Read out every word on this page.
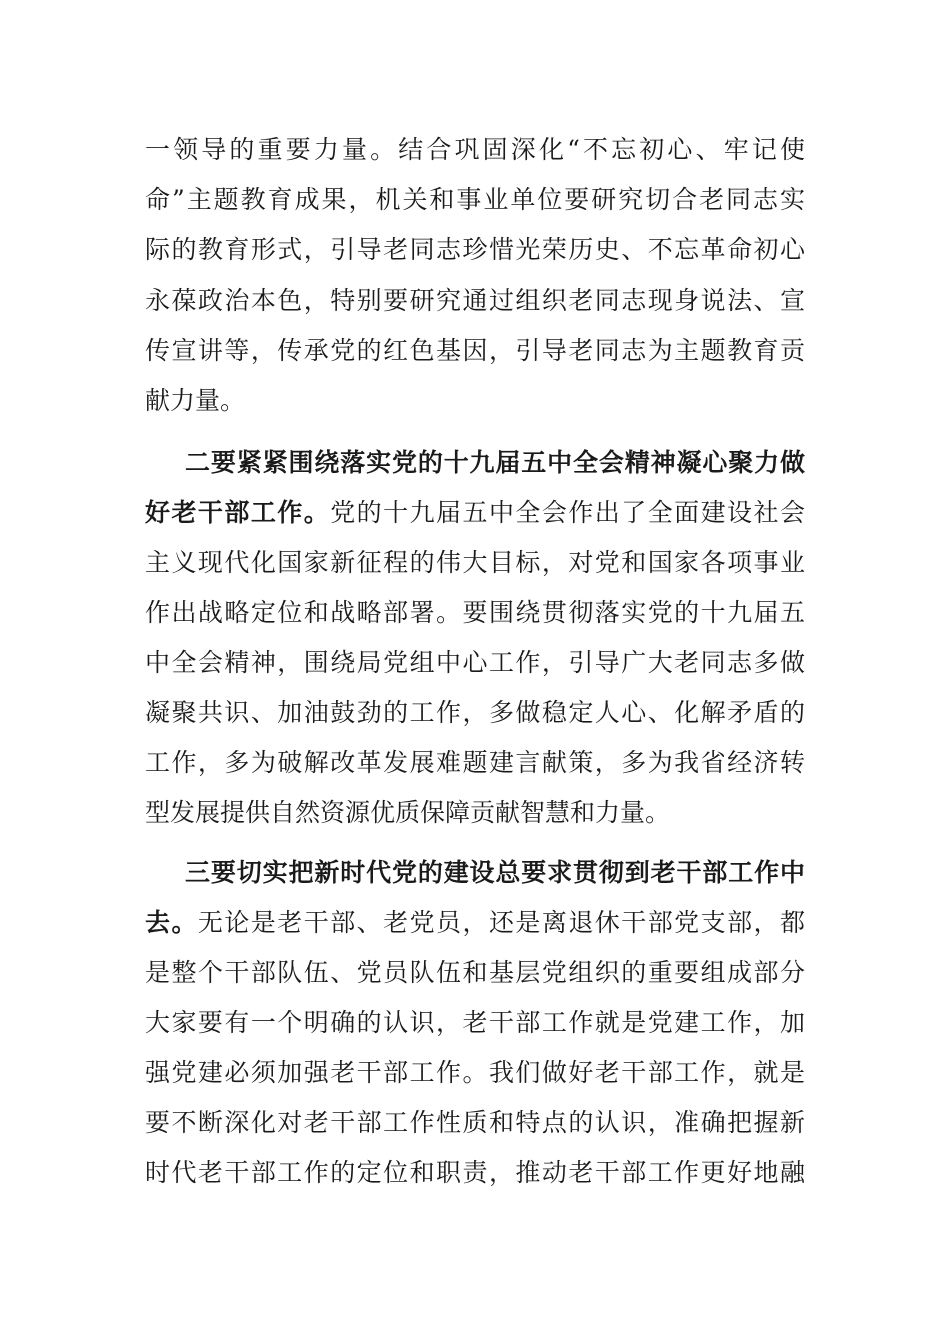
一领导的重要力量。结合巩固深化“不忘初心、牢记使
命”主题教育成果，机关和事业单位要研究切合老同志实
际的教育形式，引导老同志珍惜光荣历史、不忘革命初心
永葆政治本色，特别要研究通过组织老同志现身说法、宣
传宣讲等，传承党的红色基因，引导老同志为主题教育贡
献力量。
二要紧紧围绕落实党的十九届五中全会精神凝心聚力做
好老干部工作。党的十九届五中全会作出了全面建设社会
主义现代化国家新征程的伟大目标，对党和国家各项事业
作出战略定位和战略部署。要围绕贯彻落实党的十九届五
中全会精神，围绕局党组中心工作，引导广大老同志多做
凝聚共识、加油鼓劲的工作，多做稳定人心、化解矛盾的
工作，多为破解改革发展难题建言献策，多为我省经济转
型发展提供自然资源优质保障贡献智慧和力量。
三要切实把新时代党的建设总要求贯彻到老干部工作中
去。无论是老干部、老党员，还是离退休干部党支部，都
是整个干部队伍、党员队伍和基层党组织的重要组成部分
大家要有一个明确的认识，老干部工作就是党建工作，加
强党建必须加强老干部工作。我们做好老干部工作，就是
要不断深化对老干部工作性质和特点的认识，准确把握新
时代老干部工作的定位和职责，推动老干部工作更好地融
